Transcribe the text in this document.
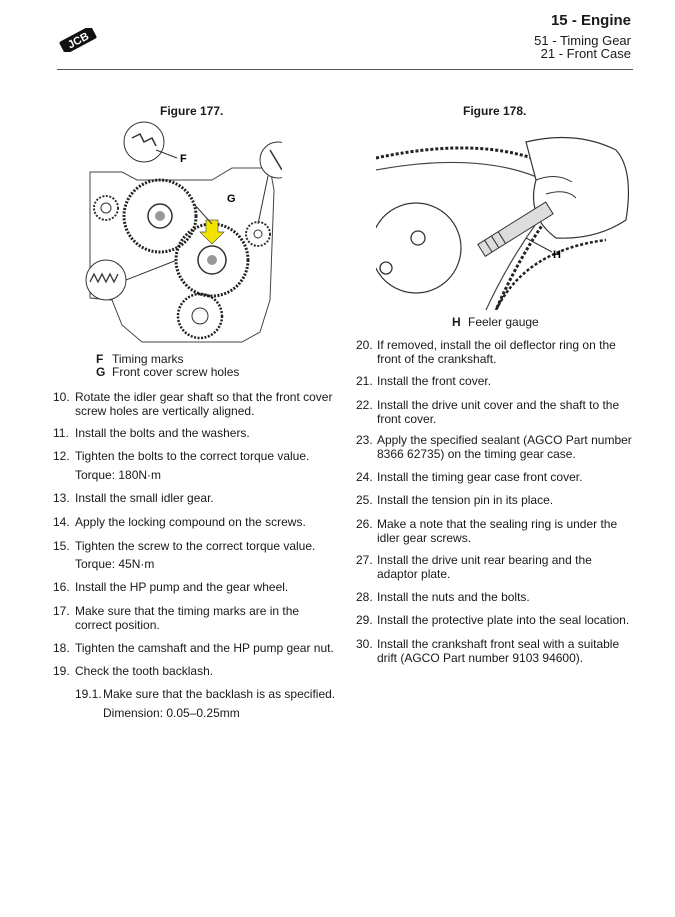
JCB
15 - Engine
51 - Timing Gear
21 - Front Case
Figure 177.
F
G
F Timing marks
G Front cover screw holes
Figure 178.
H
H Feeler gauge
10. Rotate the idler gear shaft so that the front cover screw holes are vertically aligned.
11. Install the bolts and the washers.
12. Tighten the bolts to the correct torque value.
Torque: 180N·m
13. Install the small idler gear.
14. Apply the locking compound on the screws.
15. Tighten the screw to the correct torque value.
Torque: 45N·m
16. Install the HP pump and the gear wheel.
17. Make sure that the timing marks are in the correct position.
18. Tighten the camshaft and the HP pump gear nut.
19. Check the tooth backlash.
19.1. Make sure that the backlash is as specified.
Dimension: 0.05–0.25mm
20. If removed, install the oil deflector ring on the front of the crankshaft.
21. Install the front cover.
22. Install the drive unit cover and the shaft to the front cover.
23. Apply the specified sealant (AGCO Part number 8366 62735) on the timing gear case.
24. Install the timing gear case front cover.
25. Install the tension pin in its place.
26. Make a note that the sealing ring is under the idler gear screws.
27. Install the drive unit rear bearing and the adaptor plate.
28. Install the nuts and the bolts.
29. Install the protective plate into the seal location.
30. Install the crankshaft front seal with a suitable drift (AGCO Part number 9103 94600).
